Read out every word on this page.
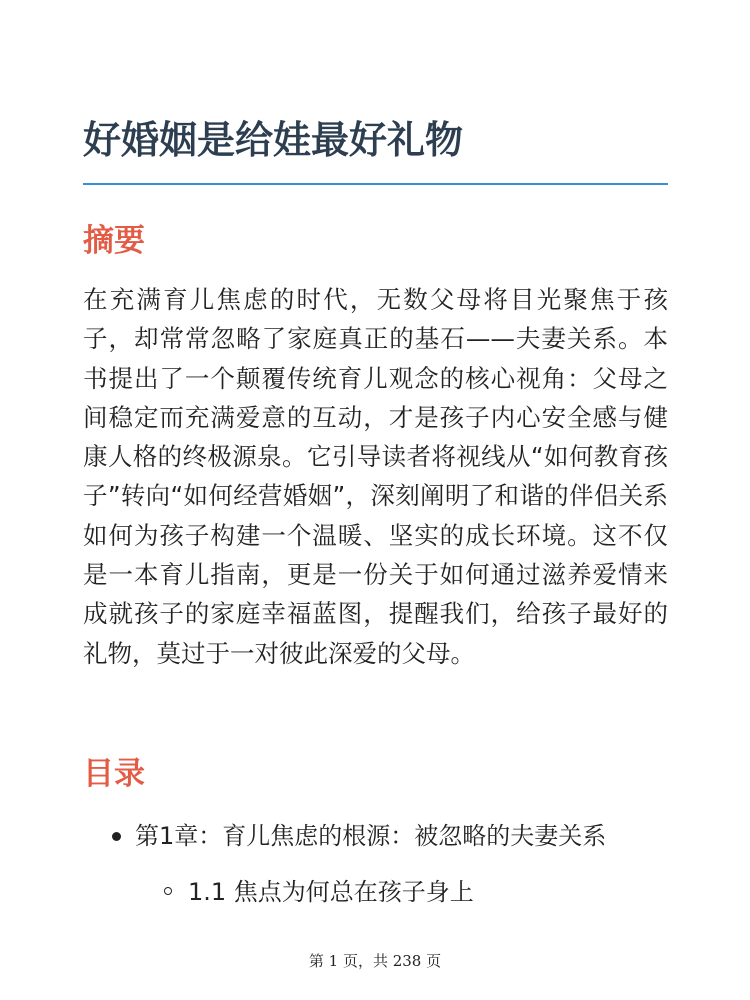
好婚姻是给娃最好礼物
摘要

在充满育儿焦虑的时代，无数父母将目光聚焦于孩子，却常常忽略了家庭真正的基石——夫妻关系。本书提出了一个颠覆传统育儿观念的核心视角：父母之间稳定而充满爱意的互动，才是孩子内心安全感与健康人格的终极源泉。它引导读者将视线从“如何教育孩子”转向“如何经营婚姻”，深刻阐明了和谐的伴侣关系如何为孩子构建一个温暖、坚实的成长环境。这不仅是一本育儿指南，更是一份关于如何通过滋养爱情来成就孩子的家庭幸福蓝图，提醒我们，给孩子最好的礼物，莫过于一对彼此深爱的父母。

目录
第1章：育儿焦虑的根源：被忽略的夫妻关系
1.1 焦点为何总在孩子身上
第 1 页，共 238 页
